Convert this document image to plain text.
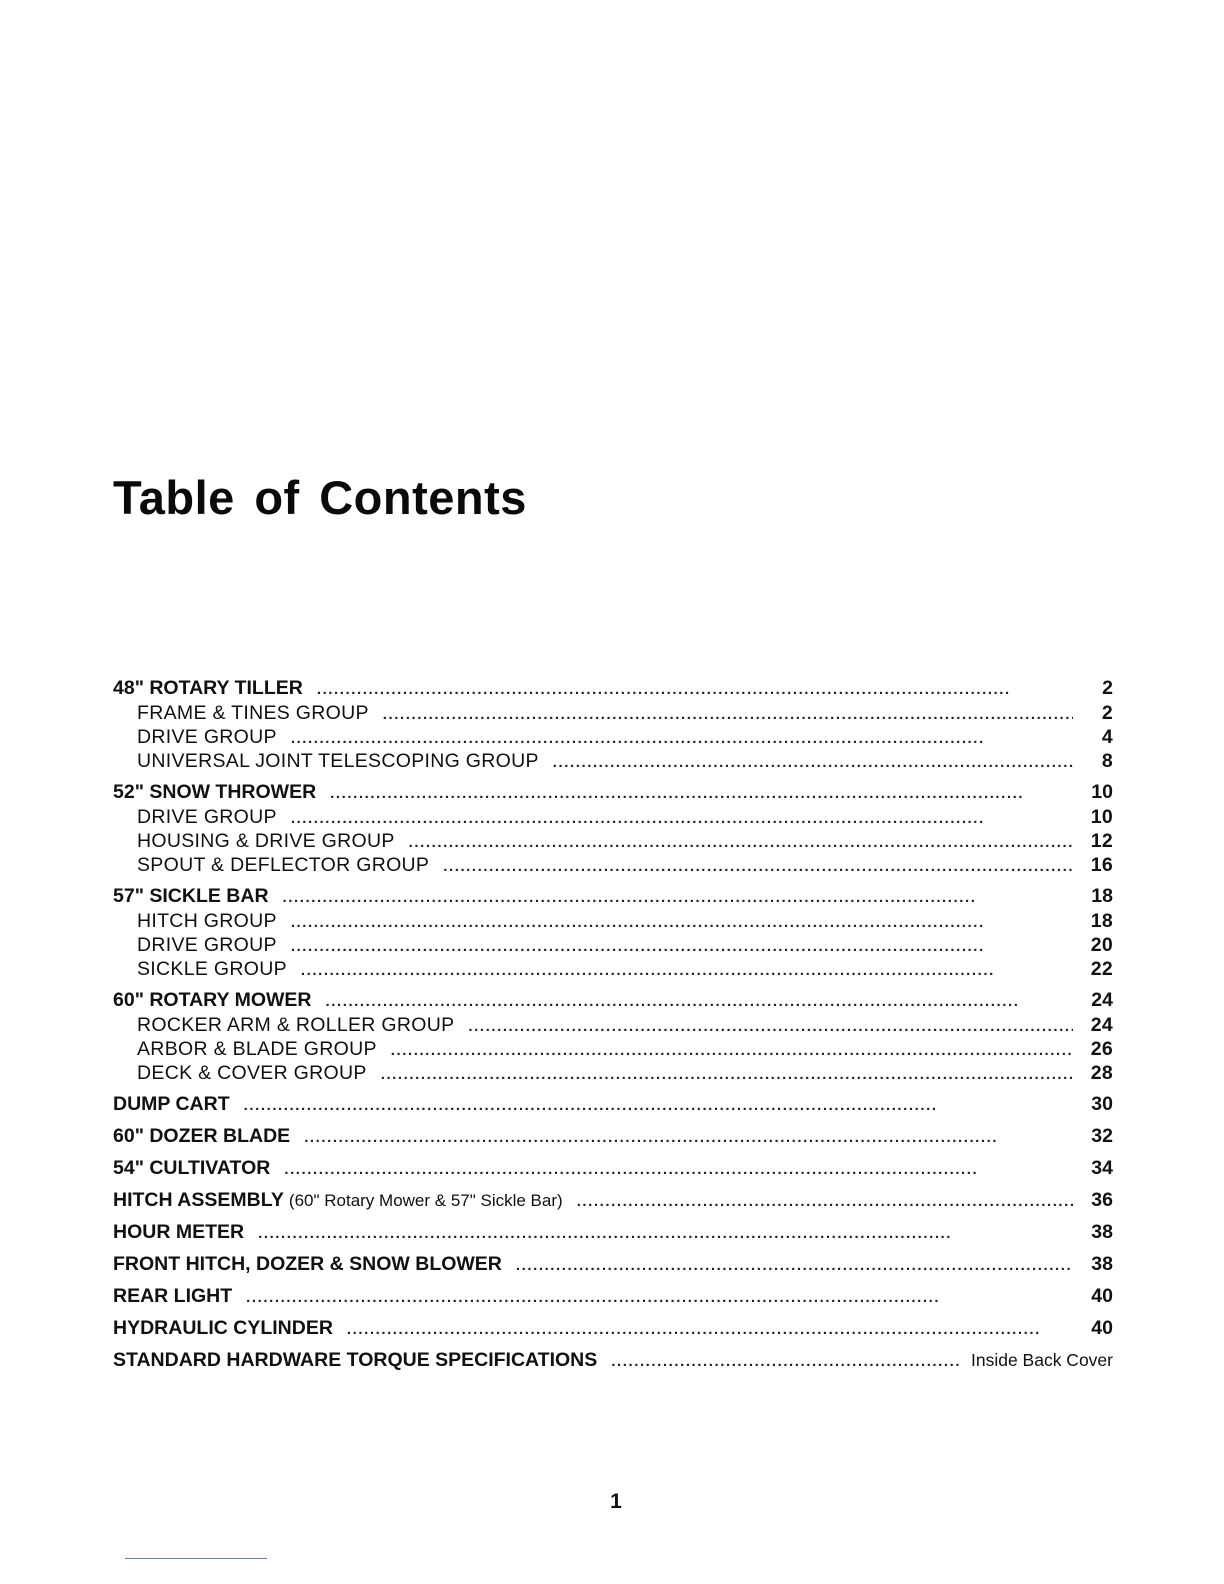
Table of Contents
48" ROTARY TILLER . . .	2
FRAME & TINES GROUP . . .	2
DRIVE GROUP . . .	4
UNIVERSAL JOINT TELESCOPING GROUP . . .	8
52" SNOW THROWER . . .	10
DRIVE GROUP . . .	10
HOUSING & DRIVE GROUP . . .	12
SPOUT & DEFLECTOR GROUP . . .	16
57" SICKLE BAR . . .	18
HITCH GROUP . . .	18
DRIVE GROUP . . .	20
SICKLE GROUP . . .	22
60" ROTARY MOWER . . .	24
ROCKER ARM & ROLLER GROUP . . .	24
ARBOR & BLADE GROUP . . .	26
DECK & COVER GROUP . . .	28
DUMP CART . . .	30
60" DOZER BLADE . . .	32
54" CULTIVATOR . . .	34
HITCH ASSEMBLY (60" Rotary Mower & 57" Sickle Bar) . . .	36
HOUR METER . . .	38
FRONT HITCH, DOZER & SNOW BLOWER . . .	38
REAR LIGHT . . .	40
HYDRAULIC CYLINDER . . .	40
STANDARD HARDWARE TORQUE SPECIFICATIONS . . .	Inside Back Cover
1
